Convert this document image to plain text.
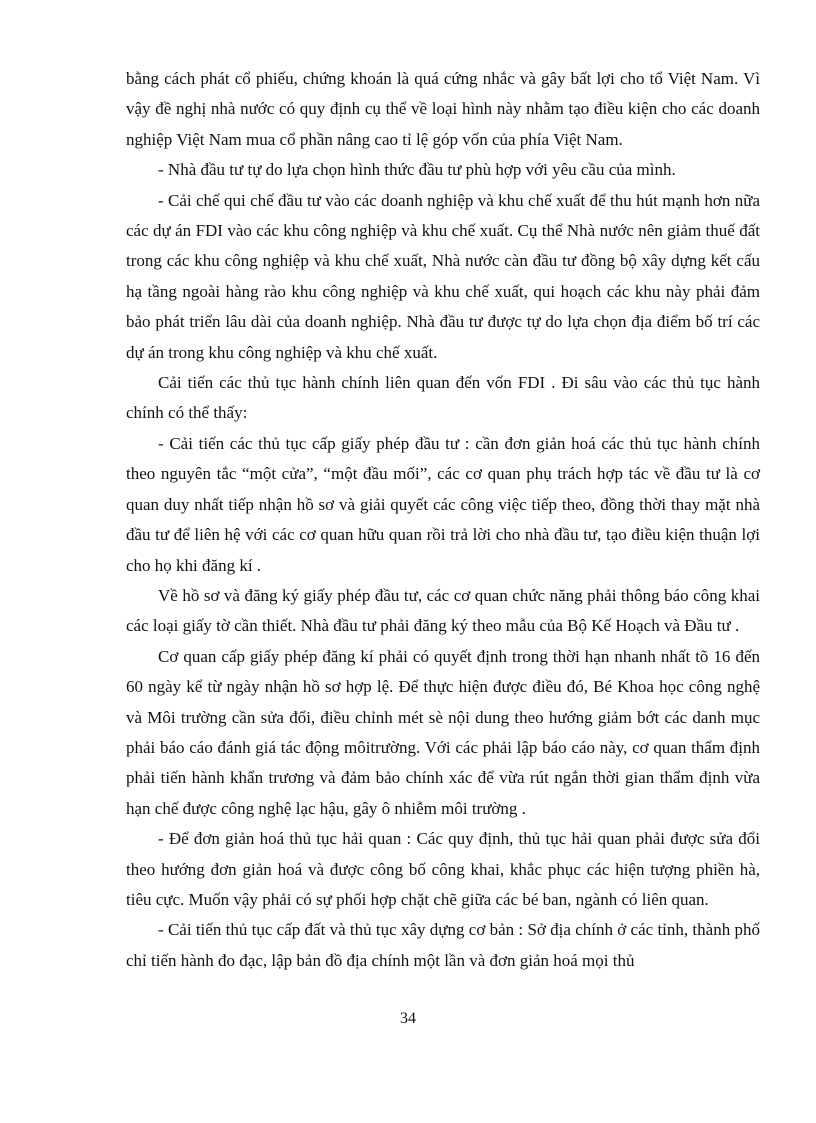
bằng cách phát cổ phiếu, chứng khoán là quá cứng nhắc và gây bất lợi cho tổ Việt Nam. Vì vậy đề nghị nhà nước có quy định cụ thể về loại hình này nhằm tạo điều kiện cho các doanh nghiệp Việt Nam mua cổ phần nâng cao tỉ lệ góp vốn của phía Việt Nam.

- Nhà đầu tư tự do lựa chọn hình thức đầu tư phù hợp với yêu cầu của mình.

- Cải chế qui chế đầu tư vào các doanh nghiệp và khu chế xuất để thu hút mạnh hơn nữa các dự án FDI vào các khu công nghiệp và khu chế xuất. Cụ thể Nhà nước nên giảm thuế đất trong các khu công nghiệp và khu chế xuất, Nhà nước càn đầu tư đồng bộ xây dựng kết cấu hạ tầng ngoài hàng rào khu công nghiệp và khu chế xuất, qui hoạch các khu này phải đảm bảo phát triển lâu dài của doanh nghiệp. Nhà đầu tư được tự do lựa chọn địa điểm bố trí các dự án trong khu công nghiệp và khu chế xuất.

Cải tiến các thủ tục hành chính liên quan đến vốn FDI . Đi sâu vào các thủ tục hành chính có thể thấy:

- Cải tiến các thủ tục cấp giấy phép đầu tư : cần đơn giản hoá các thủ tục hành chính theo nguyên tắc “một cửa”, “một đầu mối”, các cơ quan phụ trách hợp tác về đầu tư là cơ quan duy nhất tiếp nhận hồ sơ và giải quyết các công việc tiếp theo, đồng thời thay mặt nhà đầu tư để liên hệ với các cơ quan hữu quan rồi trả lời cho nhà đầu tư, tạo điều kiện thuận lợi cho họ khi đăng kí .

Về hồ sơ và đăng ký giấy phép đầu tư, các cơ quan chức năng phải thông báo công khai các loại giấy tờ cần thiết. Nhà đầu tư phải đăng ký theo mẫu của Bộ Kế Hoạch và Đầu tư .

Cơ quan cấp giấy phép đăng kí phải có quyết định trong thời hạn nhanh nhất tõ 16 đến 60 ngày kể từ ngày nhận hồ sơ hợp lệ. Để thực hiện được điều đó, Bé Khoa học công nghệ và Môi trường cần sửa đổi, điều chỉnh mét sè nội dung theo hướng giảm bớt các danh mục phải báo cáo đánh giá tác động môitrường. Với các phải lập báo cáo này, cơ quan thẩm định phải tiến hành khẩn trương và đảm bảo chính xác để vừa rút ngắn thời gian thẩm định vừa hạn chế được công nghệ lạc hậu, gây ô nhiễm môi trường .

- Để đơn giản hoá thủ tục hải quan : Các quy định, thủ tục hải quan phải được sửa đổi theo hướng đơn giản hoá và được công bố công khai, khắc phục các hiện tượng phiền hà, tiêu cực. Muốn vậy phải có sự phối hợp chặt chẽ giữa các bé ban, ngành có liên quan.

- Cải tiến thủ tục cấp đất và thủ tục xây dựng cơ bản : Sở địa chính ở các tỉnh, thành phố chỉ tiến hành đo đạc, lập bản đồ địa chính một lần và đơn giản hoá mọi thủ

34
